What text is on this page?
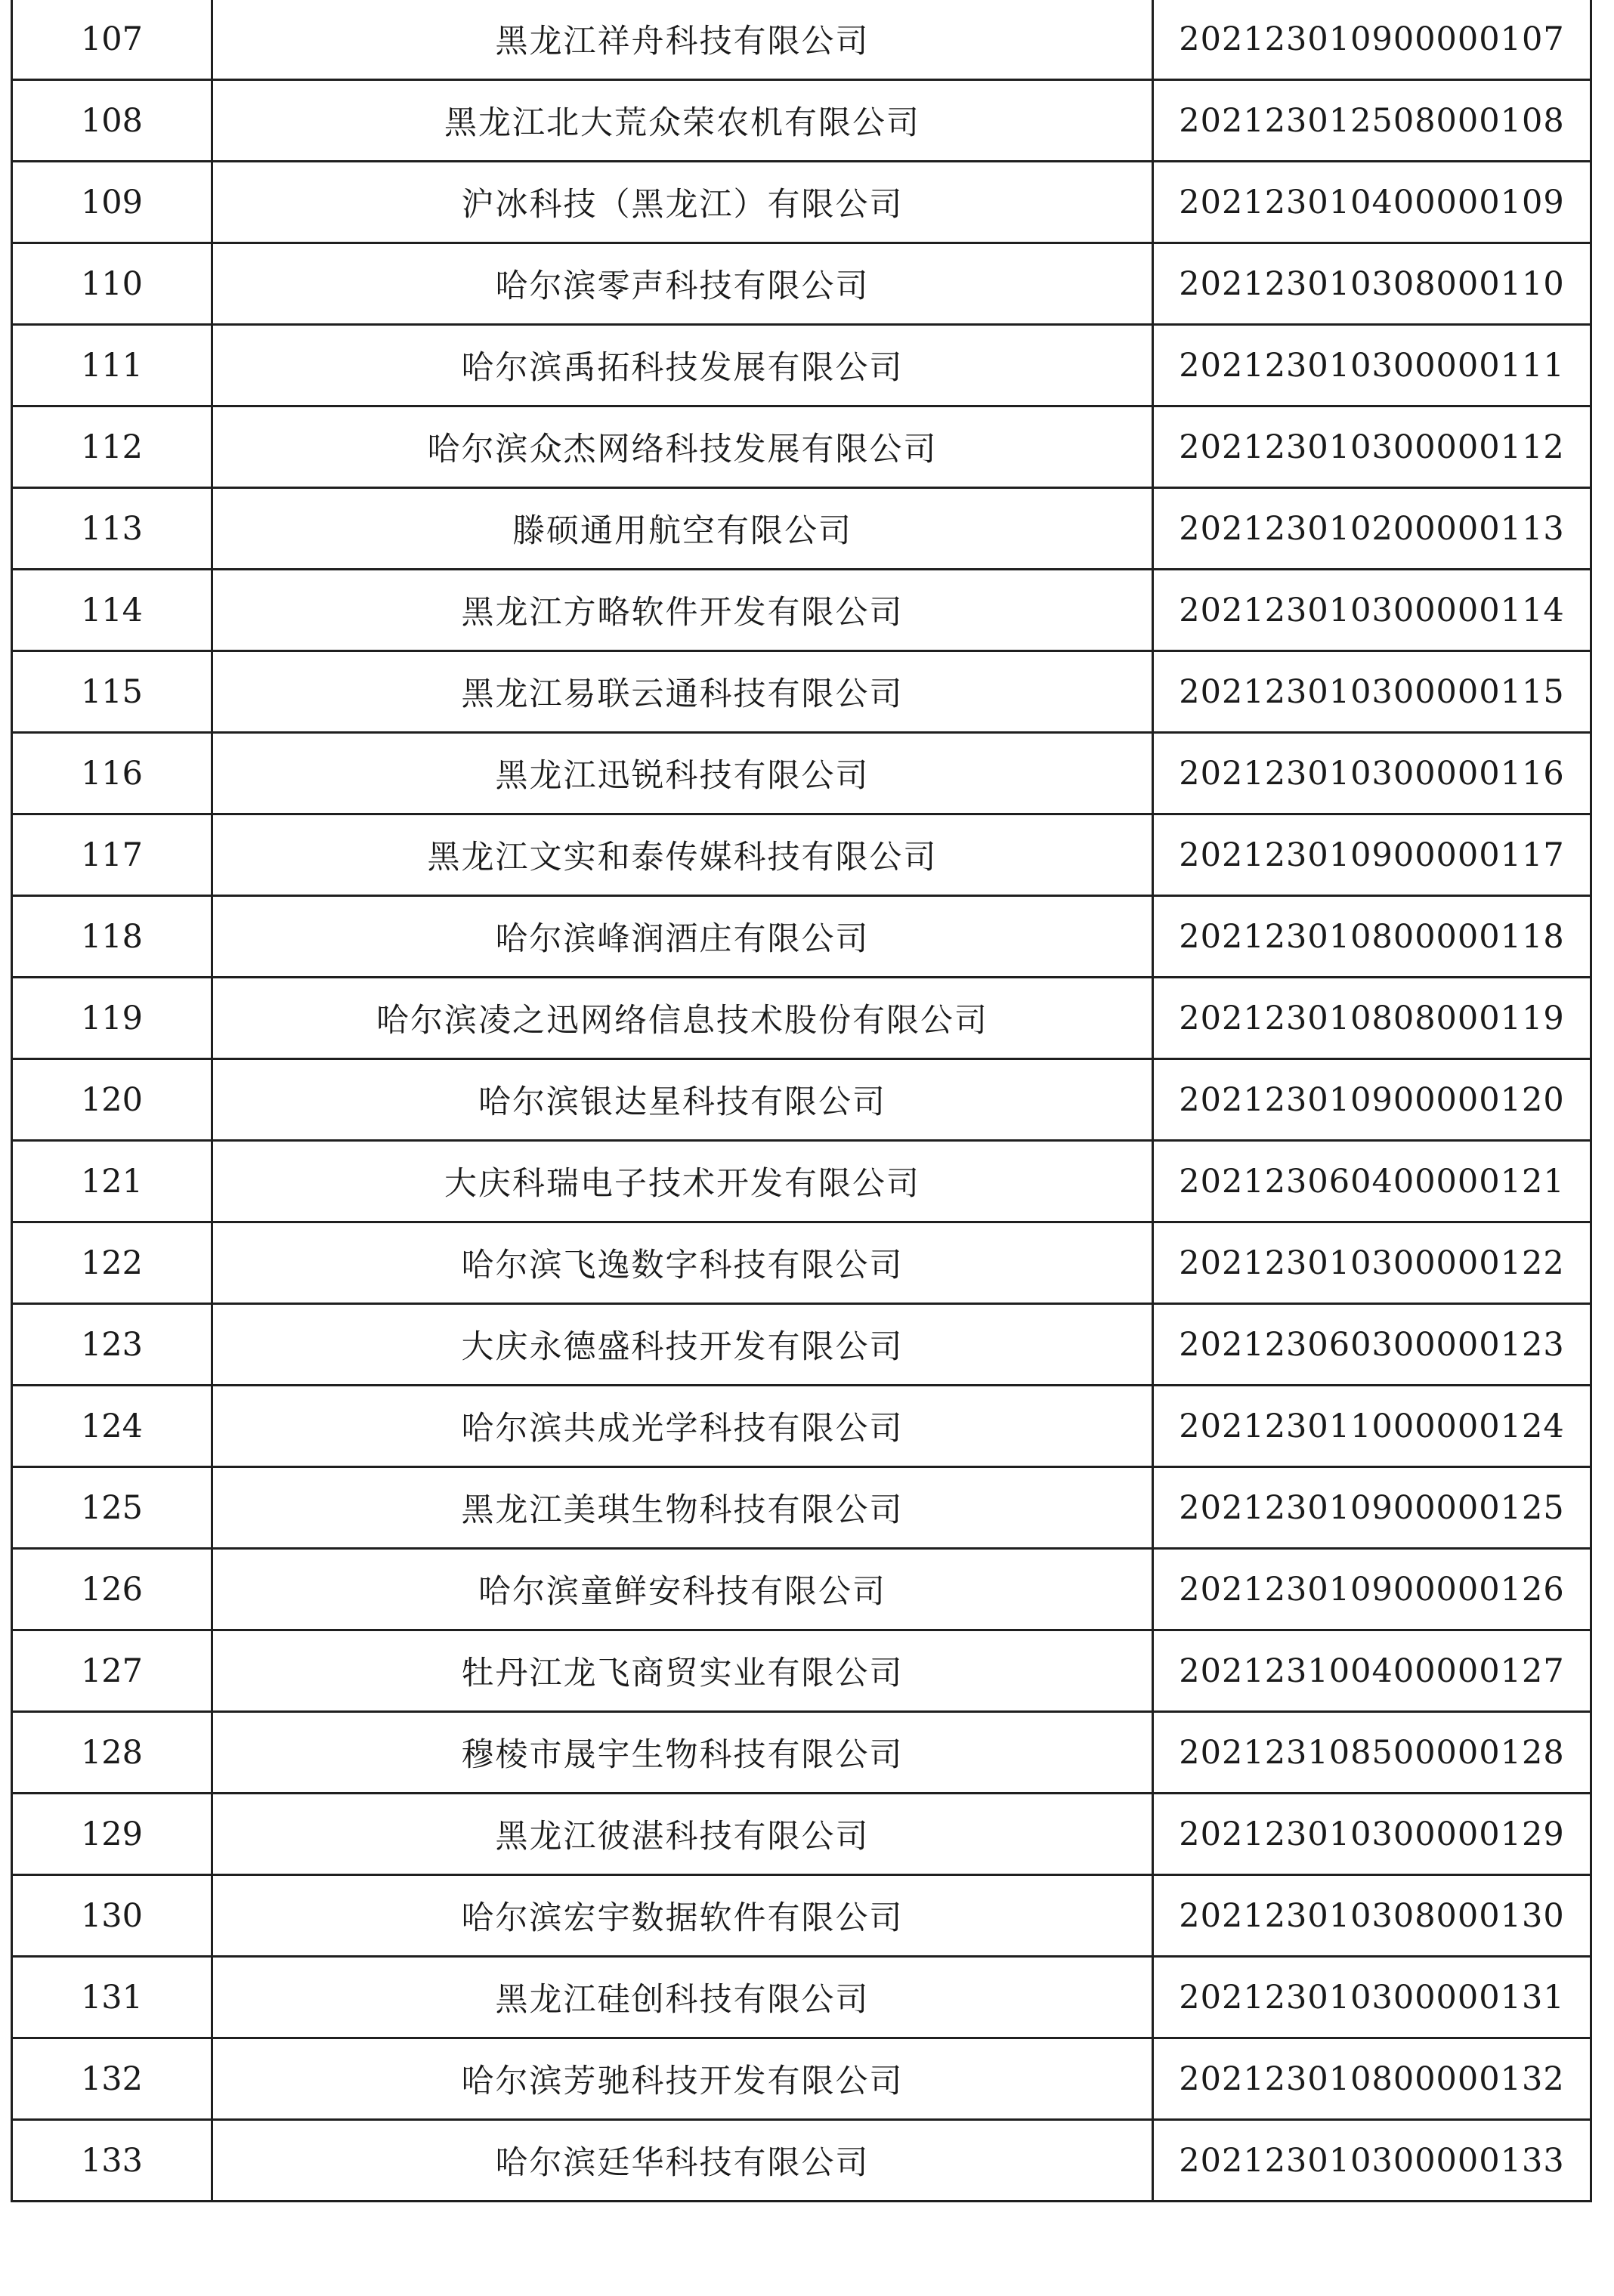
107	黑龙江祥舟科技有限公司	202123010900000107
108	黑龙江北大荒众荣农机有限公司	202123012508000108
109	沪冰科技（黑龙江）有限公司	202123010400000109
110	哈尔滨零声科技有限公司	202123010308000110
111	哈尔滨禹拓科技发展有限公司	202123010300000111
112	哈尔滨众杰网络科技发展有限公司	202123010300000112
113	滕硕通用航空有限公司	202123010200000113
114	黑龙江方略软件开发有限公司	202123010300000114
115	黑龙江易联云通科技有限公司	202123010300000115
116	黑龙江迅锐科技有限公司	202123010300000116
117	黑龙江文实和泰传媒科技有限公司	202123010900000117
118	哈尔滨峰润酒庄有限公司	202123010800000118
119	哈尔滨凌之迅网络信息技术股份有限公司	202123010808000119
120	哈尔滨银达星科技有限公司	202123010900000120
121	大庆科瑞电子技术开发有限公司	202123060400000121
122	哈尔滨飞逸数字科技有限公司	202123010300000122
123	大庆永德盛科技开发有限公司	202123060300000123
124	哈尔滨共成光学科技有限公司	202123011000000124
125	黑龙江美琪生物科技有限公司	202123010900000125
126	哈尔滨童鲜安科技有限公司	202123010900000126
127	牡丹江龙飞商贸实业有限公司	202123100400000127
128	穆棱市晟宇生物科技有限公司	202123108500000128
129	黑龙江彼湛科技有限公司	202123010300000129
130	哈尔滨宏宇数据软件有限公司	202123010308000130
131	黑龙江硅创科技有限公司	202123010300000131
132	哈尔滨芳驰科技开发有限公司	202123010800000132
133	哈尔滨廷华科技有限公司	202123010300000133
